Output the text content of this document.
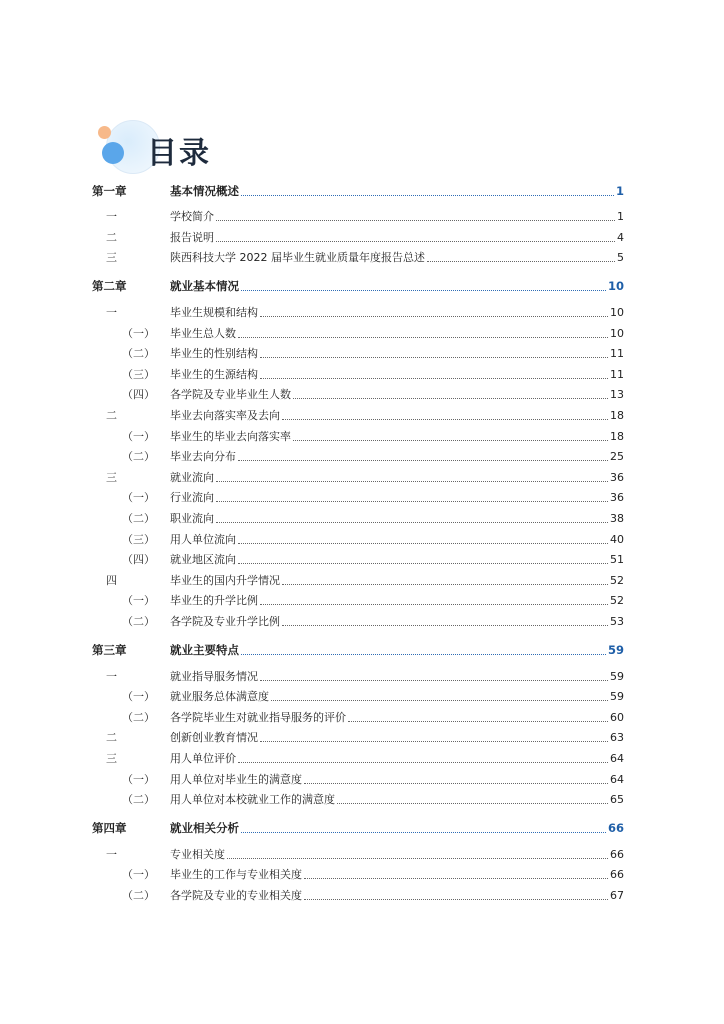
目录
第一章	基本情况概述	1
一	学校简介	1
二	报告说明	4
三	陕西科技大学 2022 届毕业生就业质量年度报告总述	5
第二章	就业基本情况	10
一	毕业生规模和结构	10
（一） 毕业生总人数	10
（二） 毕业生的性别结构	11
（三） 毕业生的生源结构	11
（四） 各学院及专业毕业生人数	13
二	毕业去向落实率及去向	18
（一） 毕业生的毕业去向落实率	18
（二） 毕业去向分布	25
三	就业流向	36
（一） 行业流向	36
（二） 职业流向	38
（三） 用人单位流向	40
（四） 就业地区流向	51
四	毕业生的国内升学情况	52
（一） 毕业生的升学比例	52
（二） 各学院及专业升学比例	53
第三章	就业主要特点	59
一	就业指导服务情况	59
（一） 就业服务总体满意度	59
（二） 各学院毕业生对就业指导服务的评价	60
二	创新创业教育情况	63
三	用人单位评价	64
（一） 用人单位对毕业生的满意度	64
（二） 用人单位对本校就业工作的满意度	65
第四章	就业相关分析	66
一	专业相关度	66
（一） 毕业生的工作与专业相关度	66
（二） 各学院及专业的专业相关度	67
